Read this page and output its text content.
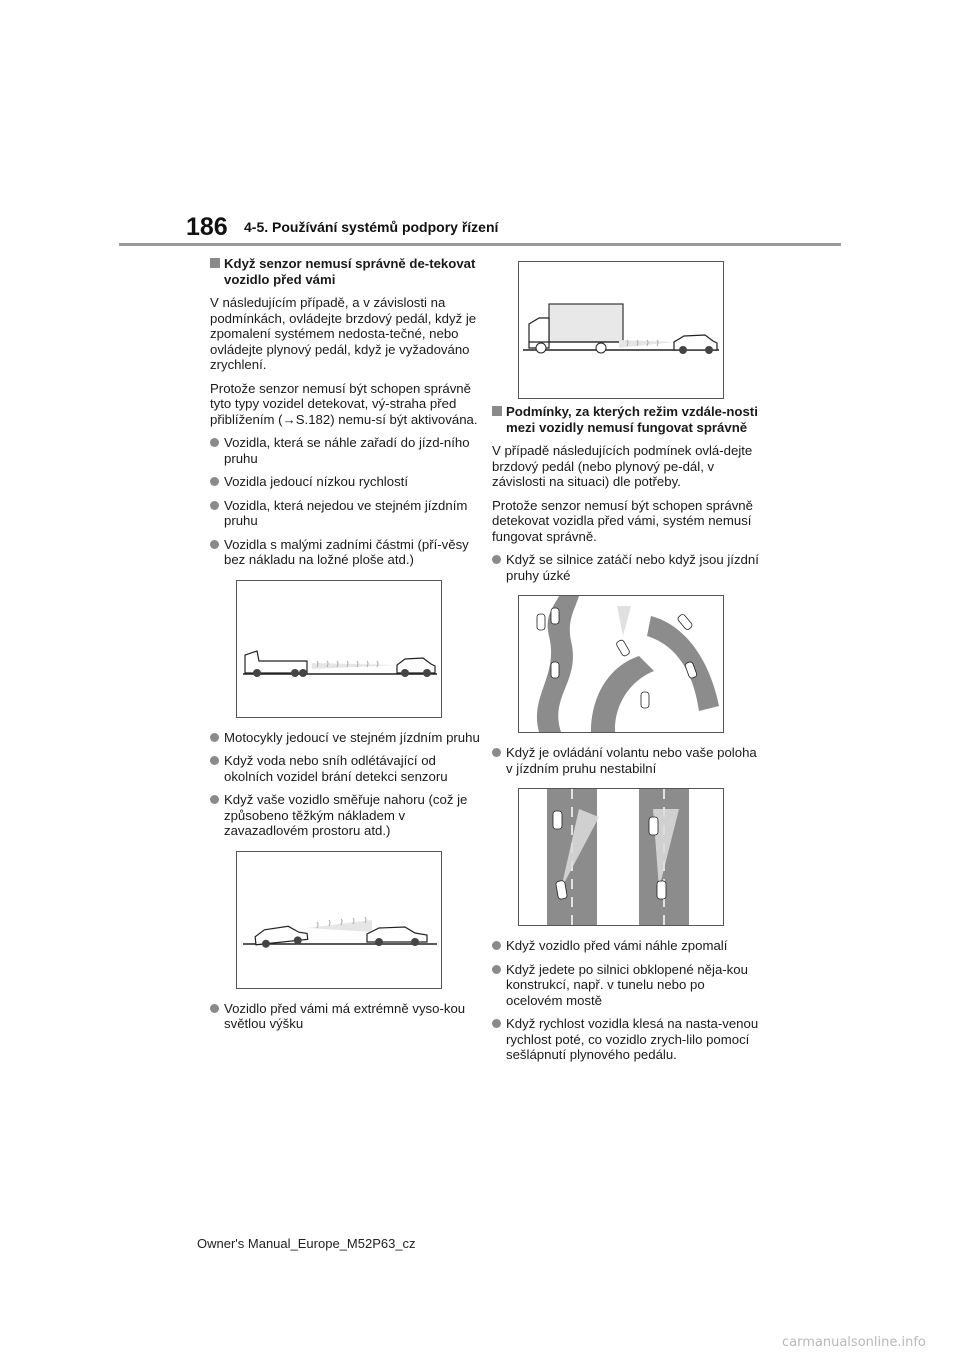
186 4-5. Používání systémů podpory řízení
Když senzor nemusí správně de-tekovat vozidlo před vámi

V následujícím případě, a v závislosti na podmínkách, ovládejte brzdový pedál, když je zpomalení systémem nedosta-tečné, nebo ovládejte plynový pedál, když je vyžadováno zrychlení.

Protože senzor nemusí být schopen správně tyto typy vozidel detekovat, vý-straha před přiblížením (→S.182) nemu-sí být aktivována.

Vozidla, která se náhle zařadí do jízd-ního pruhu
Vozidla jedoucí nízkou rychlostí
Vozidla, která nejedou ve stejném jízdním pruhu
Vozidla s malými zadními částmi (pří-věsy bez nákladu na ložné ploše atd.)
Motocykly jedoucí ve stejném jízdním pruhu
Když voda nebo sníh odlétávající od okolních vozidel brání detekci senzoru
Když vaše vozidlo směřuje nahoru (což je způsobeno těžkým nákladem v zavazadlovém prostoru atd.)
Vozidlo před vámi má extrémně vyso-kou světlou výšku
Podmínky, za kterých režim vzdále-nosti mezi vozidly nemusí fungovat správně

V případě následujících podmínek ovlá-dejte brzdový pedál (nebo plynový pe-dál, v závislosti na situaci) dle potřeby.

Protože senzor nemusí být schopen správně detekovat vozidla před vámi, systém nemusí fungovat správně.

Když se silnice zatáčí nebo když jsou jízdní pruhy úzké
Když je ovládání volantu nebo vaše poloha v jízdním pruhu nestabilní
Když vozidlo před vámi náhle zpomalí
Když jedete po silnici obklopené něja-kou konstrukcí, např. v tunelu nebo po ocelovém mostě
Když rychlost vozidla klesá na nasta-venou rychlost poté, co vozidlo zrych-lilo pomocí sešlápnutí plynového pedálu.
Owner's Manual_Europe_M52P63_cz
carmanualsonline.info
